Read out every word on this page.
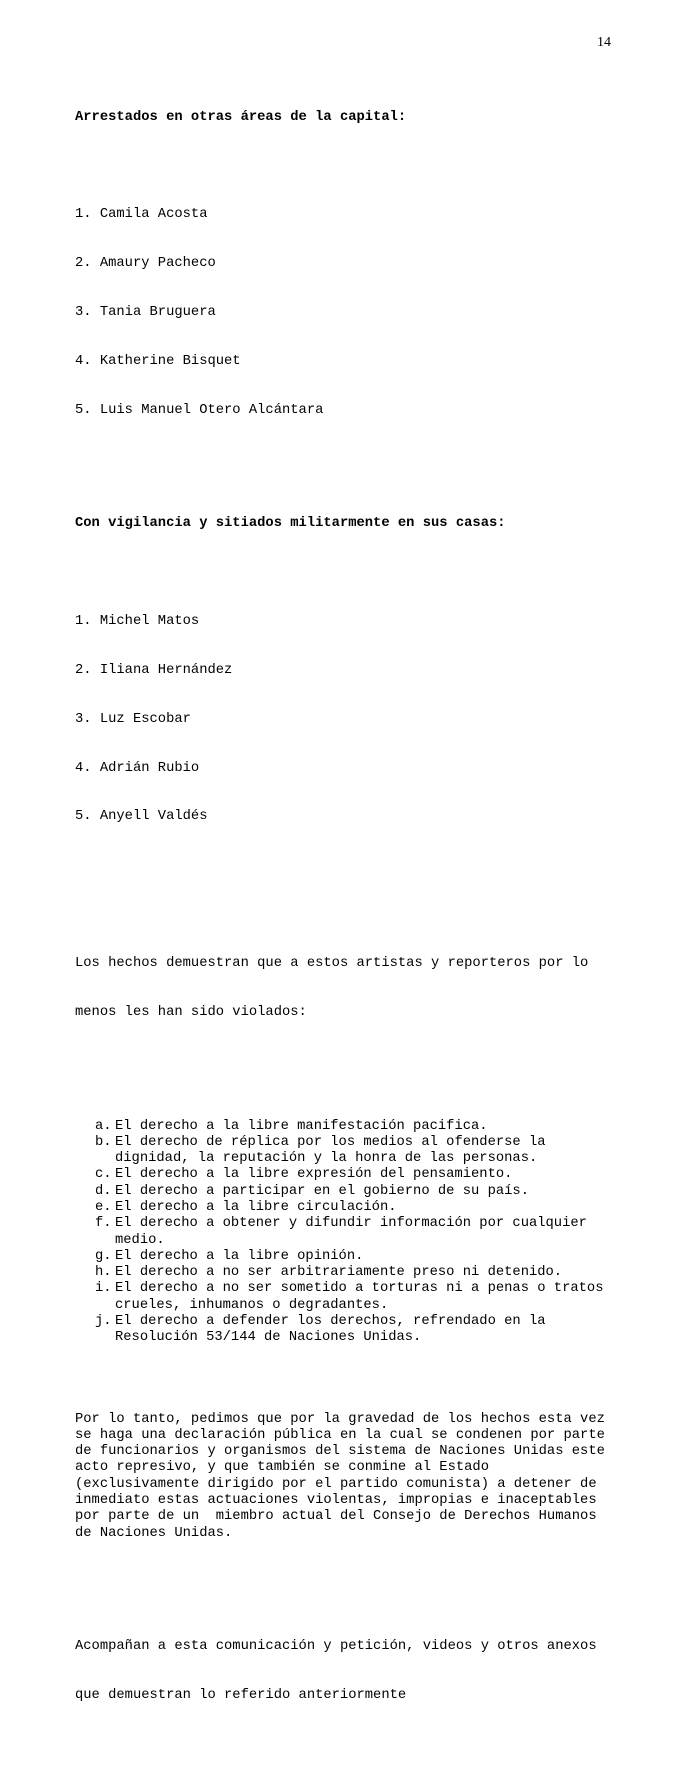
14

Arrestados en otras áreas de la capital:

1. Camila Acosta

2. Amaury Pacheco

3. Tania Bruguera

4. Katherine Bisquet

5. Luis Manuel Otero Alcántara

Con vigilancia y sitiados militarmente en sus casas:

1. Michel Matos

2. Iliana Hernández

3. Luz Escobar

4. Adrián Rubio

5. Anyell Valdés

Los hechos demuestran que a estos artistas y reporteros por lo

menos les han sido violados:

a. El derecho a la libre manifestación pacifica.
b. El derecho de réplica por los medios al ofenderse la
dignidad, la reputación y la honra de las personas.
c. El derecho a la libre expresión del pensamiento.
d. El derecho a participar en el gobierno de su país.
e. El derecho a la libre circulación.
f. El derecho a obtener y difundir información por cualquier
medio.
g. El derecho a la libre opinión.
h. El derecho a no ser arbitrariamente preso ni detenido.
i. El derecho a no ser sometido a torturas ni a penas o tratos
crueles, inhumanos o degradantes.
j. El derecho a defender los derechos, refrendado en la
Resolución 53/144 de Naciones Unidas.

Por lo tanto, pedimos que por la gravedad de los hechos esta vez
se haga una declaración pública en la cual se condenen por parte
de funcionarios y organismos del sistema de Naciones Unidas este
acto represivo, y que también se conmine al Estado
(exclusivamente dirigido por el partido comunista) a detener de
inmediato estas actuaciones violentas, impropias e inaceptables
por parte de un  miembro actual del Consejo de Derechos Humanos
de Naciones Unidas.

Acompañan a esta comunicación y petición, videos y otros anexos

que demuestran lo referido anteriormente
